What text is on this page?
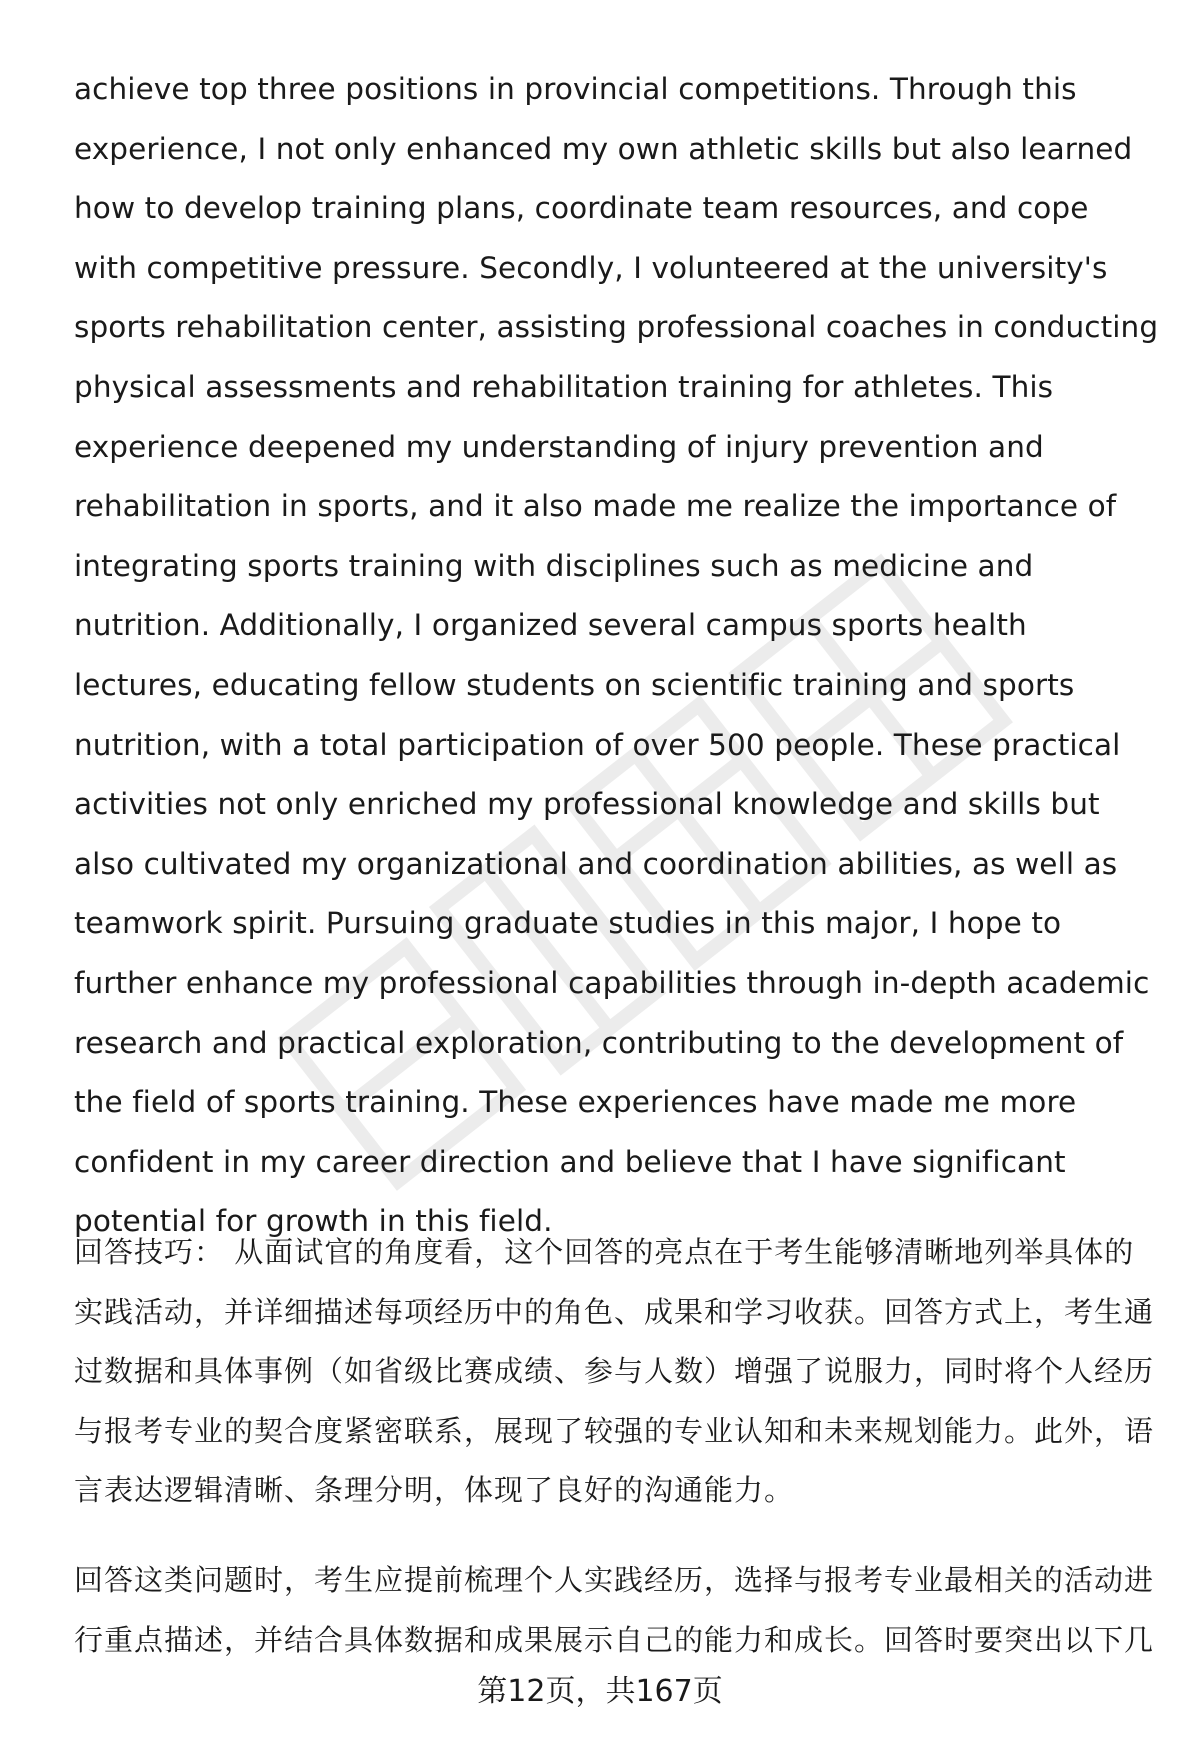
achieve top three positions in provincial competitions. Through this experience, I not only enhanced my own athletic skills but also learned how to develop training plans, coordinate team resources, and cope with competitive pressure. Secondly, I volunteered at the university's sports rehabilitation center, assisting professional coaches in conducting physical assessments and rehabilitation training for athletes. This experience deepened my understanding of injury prevention and rehabilitation in sports, and it also made me realize the importance of integrating sports training with disciplines such as medicine and nutrition. Additionally, I organized several campus sports health lectures, educating fellow students on scientific training and sports nutrition, with a total participation of over 500 people. These practical activities not only enriched my professional knowledge and skills but also cultivated my organizational and coordination abilities, as well as teamwork spirit. Pursuing graduate studies in this major, I hope to further enhance my professional capabilities through in-depth academic research and practical exploration, contributing to the development of the field of sports training. These experiences have made me more confident in my career direction and believe that I have significant potential for growth in this field.

回答技巧： 从面试官的角度看，这个回答的亮点在于考生能够清晰地列举具体的实践活动，并详细描述每项经历中的角色、成果和学习收获。回答方式上，考生通过数据和具体事例（如省级比赛成绩、参与人数）增强了说服力，同时将个人经历与报考专业的契合度紧密联系，展现了较强的专业认知和未来规划能力。此外，语言表达逻辑清晰、条理分明，体现了良好的沟通能力。

回答这类问题时，考生应提前梳理个人实践经历，选择与报考专业最相关的活动进行重点描述，并结合具体数据和成果展示自己的能力和成长。回答时要突出以下几

第12页，共167页
